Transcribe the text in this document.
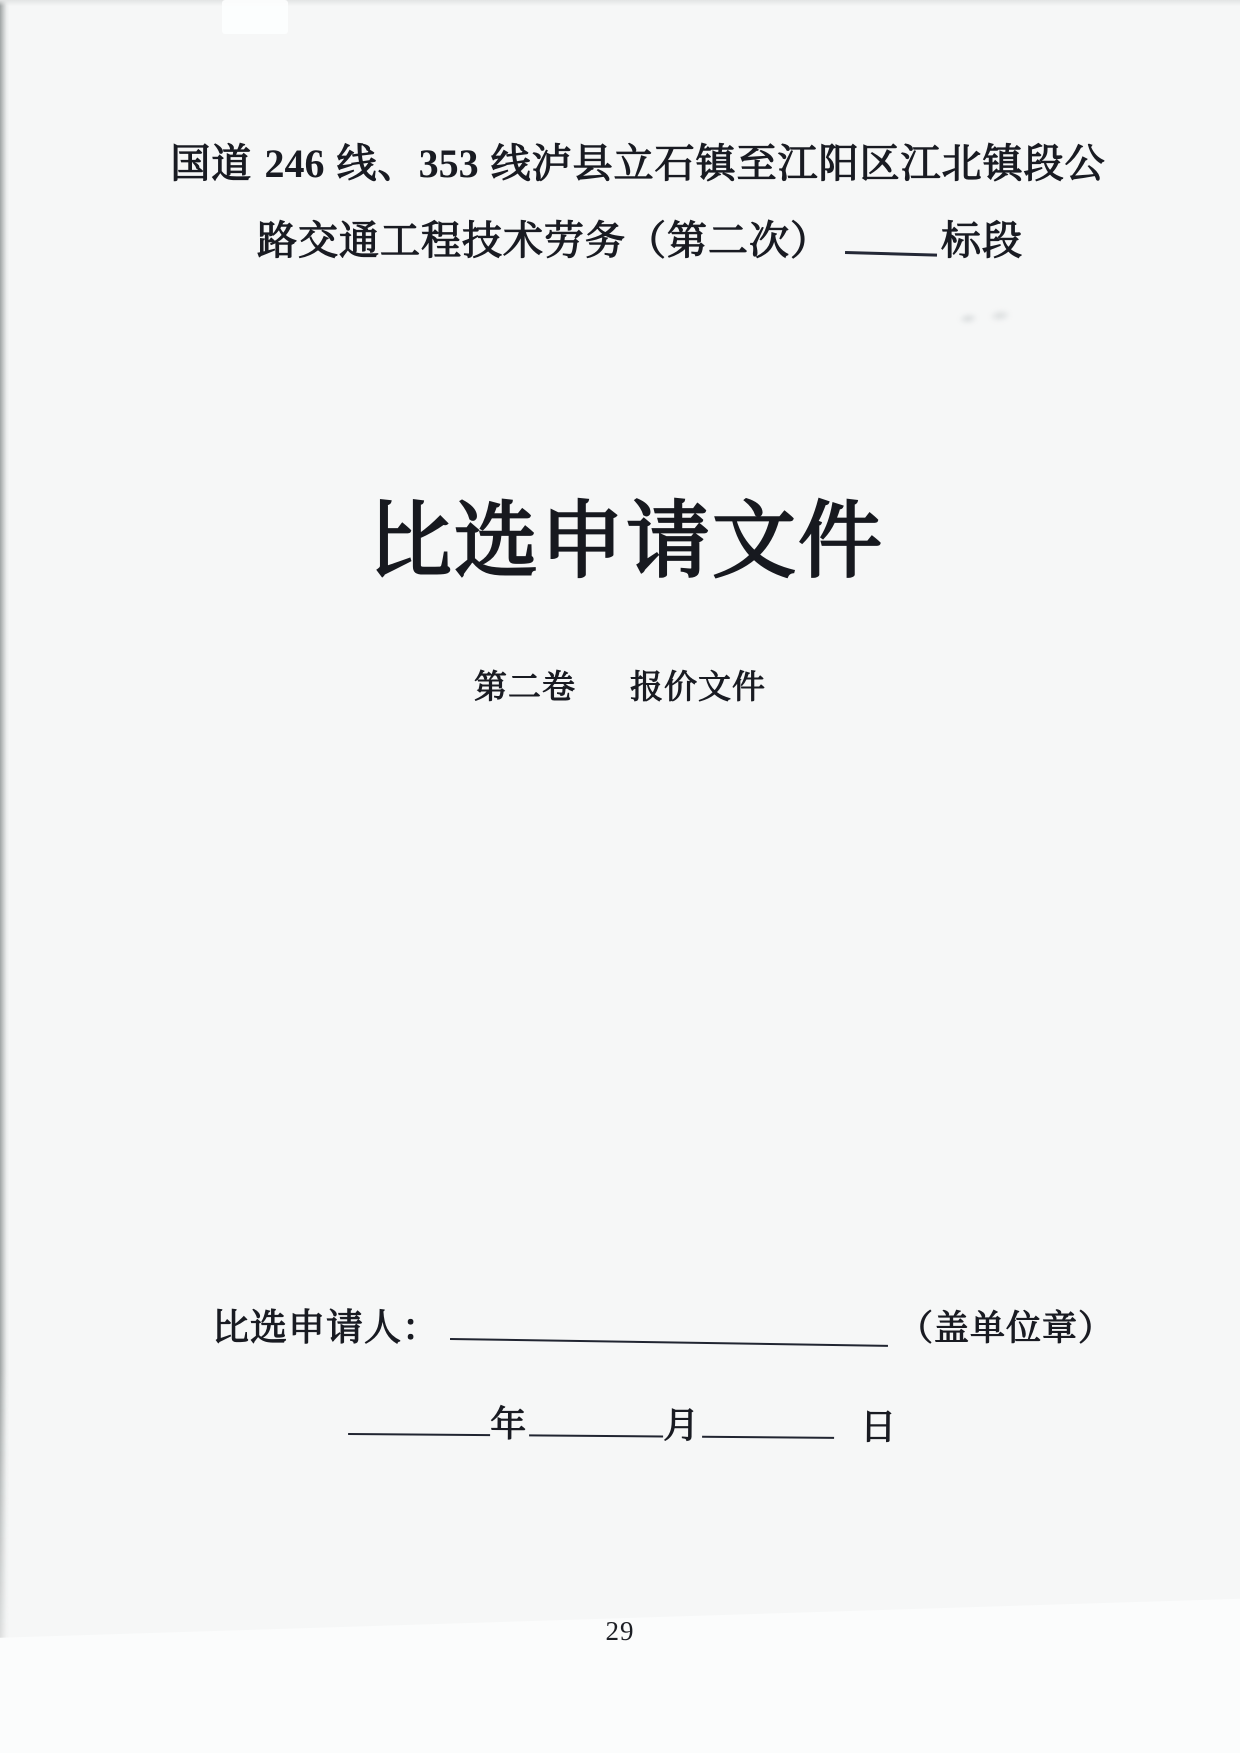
国道 246 线、353 线泸县立石镇至江阳区江北镇段公
路交通工程技术劳务（第二次）	标段
比选申请文件
第二卷 报价文件
比选申请人：	（盖单位章）
年	月	日
29
